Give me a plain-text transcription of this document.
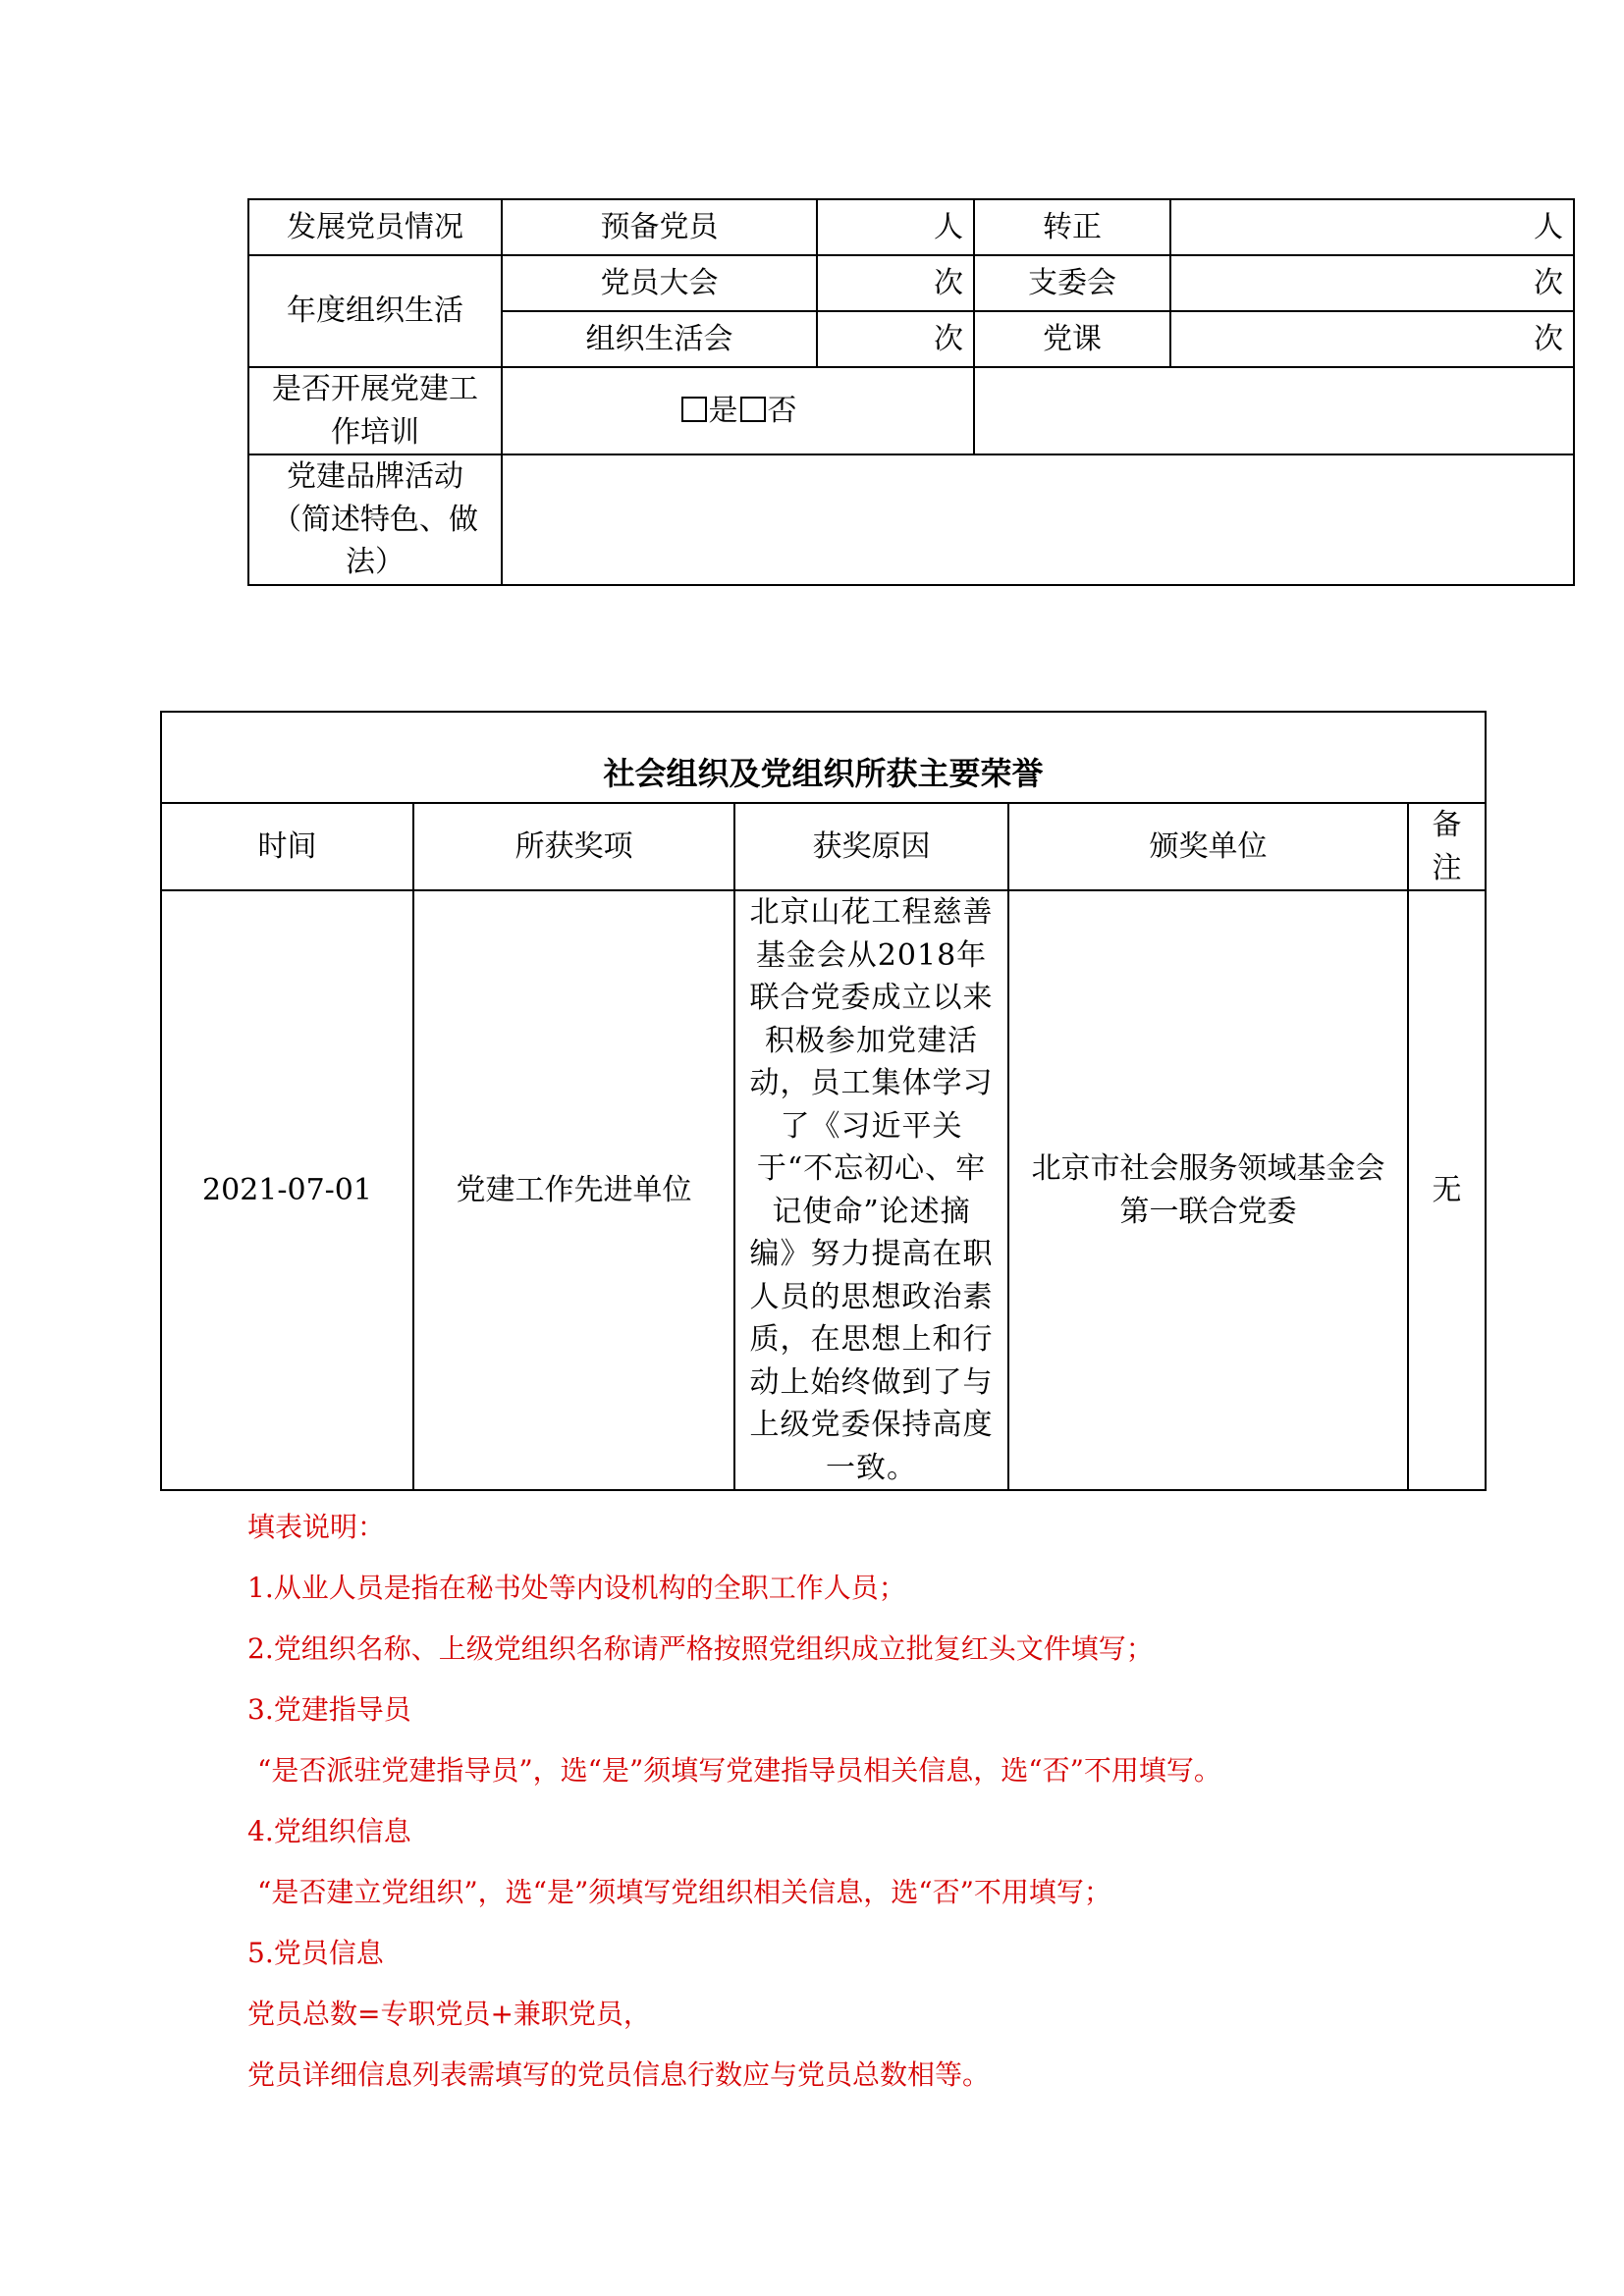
发展党员情况	预备党员	人	转正	人
年度组织生活	党员大会	次	支委会	次
	组织生活会	次	党课	次
是否开展党建工作培训	是 否			
党建品牌活动（简述特色、做法）				
社会组织及党组织所获主要荣誉				
时间	所获奖项	获奖原因	颁奖单位	备注
2021-07-01	党建工作先进单位	北京山花工程慈善基金会从2018年联合党委成立以来积极参加党建活动，员工集体学习了《习近平关于“不忘初心、牢记使命”论述摘编》努力提高在职人员的思想政治素质，在思想上和行动上始终做到了与上级党委保持高度一致。	北京市社会服务领域基金会第一联合党委	无

填表说明：

1.从业人员是指在秘书处等内设机构的全职工作人员；

2.党组织名称、上级党组织名称请严格按照党组织成立批复红头文件填写；

3.党建指导员

“是否派驻党建指导员”，选“是”须填写党建指导员相关信息，选“否”不用填写。

4.党组织信息

“是否建立党组织”，选“是”须填写党组织相关信息，选“否”不用填写；

5.党员信息

党员总数=专职党员+兼职党员，

党员详细信息列表需填写的党员信息行数应与党员总数相等。
